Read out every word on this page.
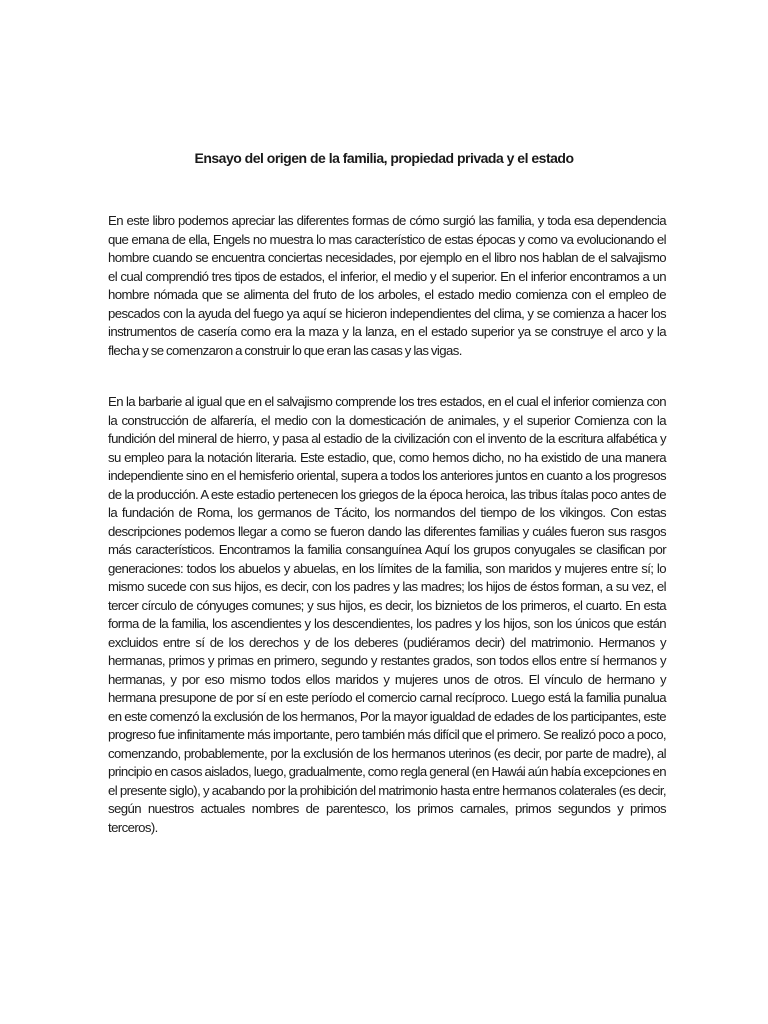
Ensayo del origen de la familia, propiedad privada y el estado

En este libro podemos apreciar las diferentes formas de cómo surgió las familia, y toda esa dependencia que emana de ella, Engels no muestra lo mas característico de estas épocas y como va evolucionando el hombre cuando se encuentra conciertas necesidades, por ejemplo en el libro nos hablan de el salvajismo el cual comprendió tres tipos de estados, el inferior, el medio y el superior. En el inferior encontramos a un hombre nómada que se alimenta del fruto de los arboles, el estado medio comienza con el empleo de pescados con la ayuda del fuego ya aquí se hicieron independientes del clima, y se comienza a hacer los instrumentos de casería como era la maza y la lanza, en el estado superior ya se construye el arco y la flecha y se comenzaron a construir lo que eran las casas y las vigas.

En la barbarie al igual que en el salvajismo comprende los tres estados, en el cual el inferior comienza con la construcción de alfarería, el medio con la domesticación de animales, y el superior Comienza con la fundición del mineral de hierro, y pasa al estadio de la civilización con el invento de la escritura alfabética y su empleo para la notación literaria. Este estadio, que, como hemos dicho, no ha existido de una manera independiente sino en el hemisferio oriental, supera a todos los anteriores juntos en cuanto a los progresos de la producción. A este estadio pertenecen los griegos de la época heroica, las tribus ítalas poco antes de la fundación de Roma, los germanos de Tácito, los normandos del tiempo de los vikingos. Con estas descripciones podemos llegar a como se fueron dando las diferentes familias y cuáles fueron sus rasgos más característicos. Encontramos la familia consanguínea Aquí los grupos conyugales se clasifican por generaciones: todos los abuelos y abuelas, en los límites de la familia, son maridos y mujeres entre sí; lo mismo sucede con sus hijos, es decir, con los padres y las madres; los hijos de éstos forman, a su vez, el tercer círculo de cónyuges comunes; y sus hijos, es decir, los biznietos de los primeros, el cuarto. En esta forma de la familia, los ascendientes y los descendientes, los padres y los hijos, son los únicos que están excluidos entre sí de los derechos y de los deberes (pudiéramos decir) del matrimonio. Hermanos y hermanas, primos y primas en primero, segundo y restantes grados, son todos ellos entre sí hermanos y hermanas, y por eso mismo todos ellos maridos y mujeres unos de otros. El vínculo de hermano y hermana presupone de por sí en este período el comercio carnal recíproco. Luego está la familia punalua en este comenzó la exclusión de los hermanos, Por la mayor igualdad de edades de los participantes, este progreso fue infinitamente más importante, pero también más difícil que el primero. Se realizó poco a poco, comenzando, probablemente, por la exclusión de los hermanos uterinos (es decir, por parte de madre), al principio en casos aislados, luego, gradualmente, como regla general (en Hawái aún había excepciones en el presente siglo), y acabando por la prohibición del matrimonio hasta entre hermanos colaterales (es decir, según nuestros actuales nombres de parentesco, los primos carnales, primos segundos y primos terceros).
